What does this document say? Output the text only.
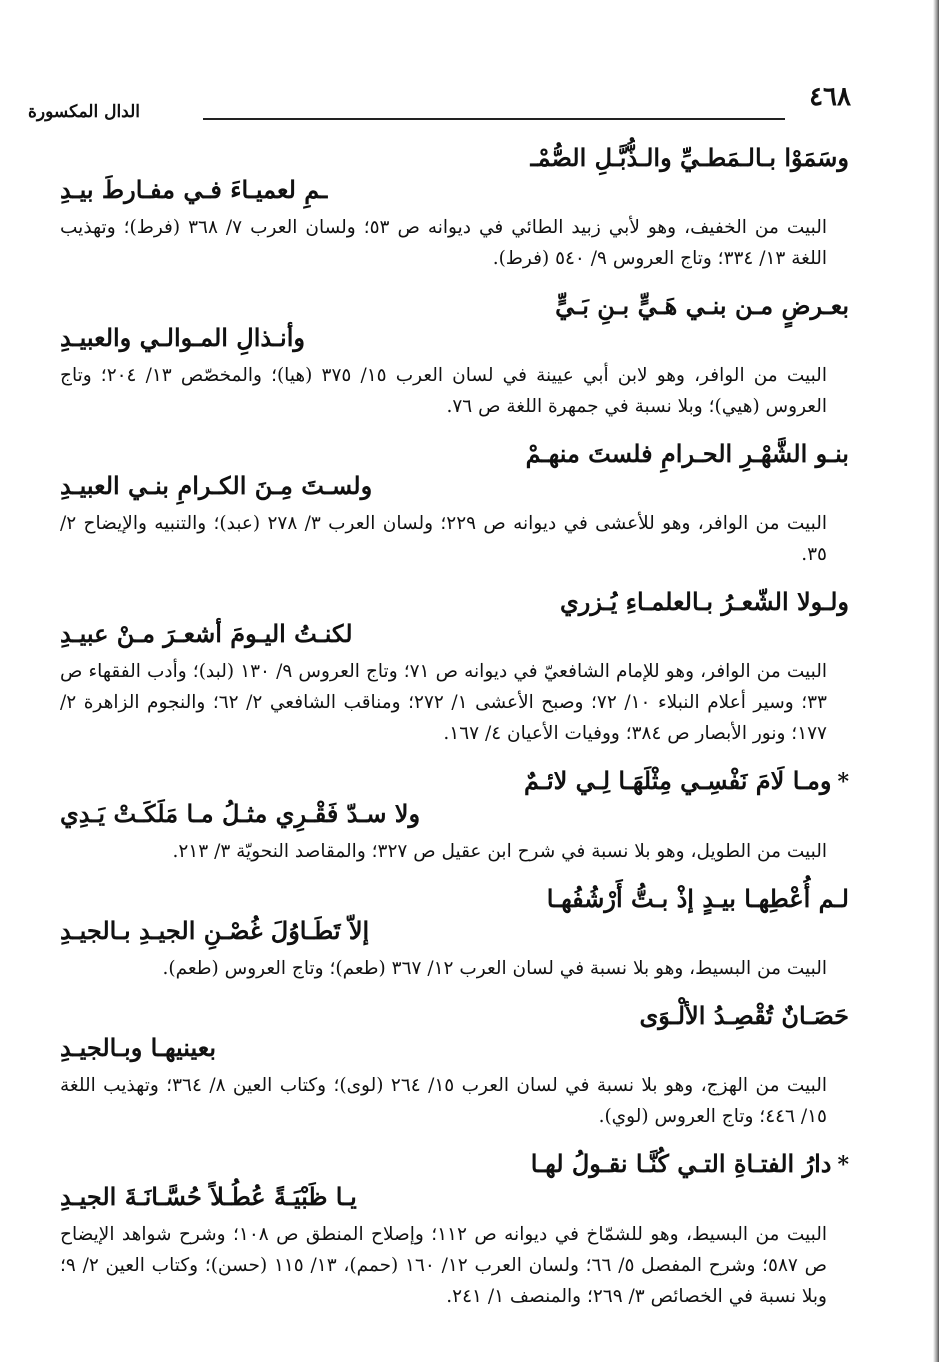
٤٦٨
الدال المكسورة
وسَمَوْا بـالـمَطـيِّ والـذُّبَّـلِ الصُّمْـ
ـمِ لعميـاءَ فـي مفـارطَ بيـدِ

البيت من الخفيف، وهو لأبي زبيد الطائي في ديوانه ص ٥٣؛ ولسان العرب ٧/ ٣٦٨ (فرط)؛ وتهذيب اللغة ١٣/ ٣٣٤؛ وتاج العروس ٩/ ٥٤٠ (فرط).

بعـرضٍ مـن بنـي هَـيٍّ بـنِ بَـيٍّ
وأنـذالِ المـوالـي والعبيـدِ

البيت من الوافر، وهو لابن أبي عيينة في لسان العرب ١٥/ ٣٧٥ (هيا)؛ والمخصّص ١٣/ ٢٠٤؛ وتاج العروس (هيي)؛ وبلا نسبة في جمهرة اللغة ص ٧٦.

بنـو الشَّهْـرِ الحـرامِ فلستَ منهـمْ
ولسـتَ مِـنَ الكـرامِ بنـي العبيـدِ

البيت من الوافر، وهو للأعشى في ديوانه ص ٢٢٩؛ ولسان العرب ٣/ ٢٧٨ (عبد)؛ والتنبيه والإيضاح ٢/ ٣٥.

ولـولا الشّعـرُ بـالعلمـاءِ يُـزري
لكنـتُ اليـومَ أشعـرَ مـنْ عبيـدِ

البيت من الوافر، وهو للإمام الشافعيّ في ديوانه ص ٧١؛ وتاج العروس ٩/ ١٣٠ (لبد)؛ وأدب الفقهاء ص ٣٣؛ وسير أعلام النبلاء ١٠/ ٧٢؛ وصبح الأعشى ١/ ٢٧٢؛ ومناقب الشافعي ٢/ ٦٢؛ والنجوم الزاهرة ٢/ ١٧٧؛ ونور الأبصار ص ٣٨٤؛ ووفيات الأعيان ٤/ ١٦٧.

*ومـا لَامَ نَفْسِـي مِثْلَهَـا لِـي لائـمٌ
ولا سـدّ فَقْـرِي مثـلُ مـا مَلَكَـتْ يَـدِي

البيت من الطويل، وهو بلا نسبة في شرح ابن عقيل ص ٣٢٧؛ والمقاصد النحويّة ٣/ ٢١٣.

لـم أُعْطِهـا بيـدٍ إذْ بـتُّ أَرْشُفُهـا
إلاّ تَطَـاوُلَ غُصْـنِ الجيـدِ بـالجيـدِ

البيت من البسيط، وهو بلا نسبة في لسان العرب ١٢/ ٣٦٧ (طعم)؛ وتاج العروس (طعم).

حَصَـانٌ تُقْصِـدُ الألْـوَى
بعينيهـا وبـالجيـدِ

البيت من الهزج، وهو بلا نسبة في لسان العرب ١٥/ ٢٦٤ (لوى)؛ وكتاب العين ٨/ ٣٦٤؛ وتهذيب اللغة ١٥/ ٤٤٦؛ وتاج العروس (لوي).

*دارُ الفتـاةِ التـي كُنَّـا نقـولُ لهـا
يـا ظَبْيَـةً عُطُـلاً حُسَّـانَـةَ الجيـدِ

البيت من البسيط، وهو للشمّاخ في ديوانه ص ١١٢؛ وإصلاح المنطق ص ١٠٨؛ وشرح شواهد الإيضاح ص ٥٨٧؛ وشرح المفصل ٥/ ٦٦؛ ولسان العرب ١٢/ ١٦٠ (حمم)، ١٣/ ١١٥ (حسن)؛ وكتاب العين ٢/ ٩؛ وبلا نسبة في الخصائص ٣/ ٢٦٩؛ والمنصف ١/ ٢٤١.
